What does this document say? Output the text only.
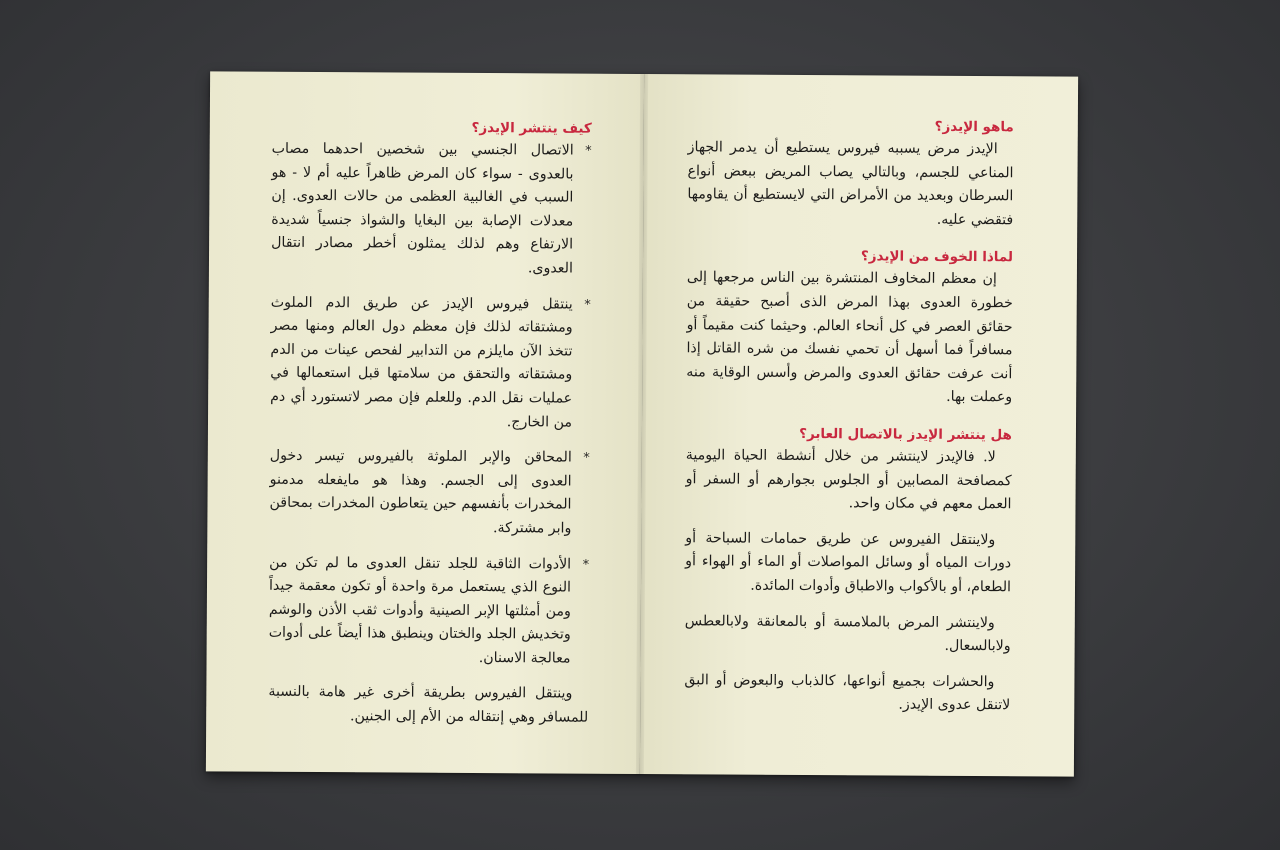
كيف ينتشر الإيدز؟
*
الاتصال الجنسي بين شخصين احدهما مصاب بالعدوى - سواء كان المرض ظاهراً عليه أم لا - هو السبب في الغالبية العظمى من حالات العدوى. إن معدلات الإصابة بين البغايا والشواذ جنسياً شديدة الارتفاع وهم لذلك يمثلون أخطر مصادر انتقال العدوى.
*
ينتقل فيروس الإيدز عن طريق الدم الملوث ومشتقاته لذلك فإن معظم دول العالم ومنها مصر تتخذ الآن مايلزم من التدابير لفحص عينات من الدم ومشتقاته والتحقق من سلامتها قبل استعمالها في عمليات نقل الدم. وللعلم فإن مصر لاتستورد أي دم من الخارج.
*
المحاقن والإبر الملوثة بالفيروس تيسر دخول العدوى إلى الجسم. وهذا هو مايفعله مدمنو المخدرات بأنفسهم حين يتعاطون المخدرات بمحاقن وابر مشتركة.
*
الأدوات الثاقبة للجلد تنقل العدوى ما لم تكن من النوع الذي يستعمل مرة واحدة أو تكون معقمة جيداً ومن أمثلتها الإبر الصينية وأدوات ثقب الأذن والوشم وتخديش الجلد والختان وينطبق هذا أيضاً على أدوات معالجة الاسنان.

وينتقل الفيروس بطريقة أخرى غير هامة بالنسبة للمسافر وهي إنتقاله من الأم إلى الجنين.

ماهو الإيدز؟

الإيدز مرض يسببه فيروس يستطيع أن يدمر الجهاز المناعي للجسم، وبالتالي يصاب المريض ببعض أنواع السرطان وبعديد من الأمراض التي لايستطيع أن يقاومها فتقضي عليه.

لماذا الخوف من الإيدز؟

إن معظم المخاوف المنتشرة بين الناس مرجعها إلى خطورة العدوى بهذا المرض الذى أصبح حقيقة من حقائق العصر في كل أنحاء العالم. وحيثما كنت مقيماً أو مسافراً فما أسهل أن تحمي نفسك من شره القاتل إذا أنت عرفت حقائق العدوى والمرض وأسس الوقاية منه وعملت بها.

هل ينتشر الإيدز بالاتصال العابر؟

لا. فالإيدز لاينتشر من خلال أنشطة الحياة اليومية كمصافحة المصابين أو الجلوس بجوارهم أو السفر أو العمل معهم في مكان واحد.

ولاينتقل الفيروس عن طريق حمامات السباحة أو دورات المياه أو وسائل المواصلات أو الماء أو الهواء أو الطعام، أو بالأكواب والاطباق وأدوات المائدة.

ولاينتشر المرض بالملامسة أو بالمعانقة ولابالعطس ولابالسعال.

والحشرات بجميع أنواعها، كالذباب والبعوض أو البق لاتنقل عدوى الإيدز.
